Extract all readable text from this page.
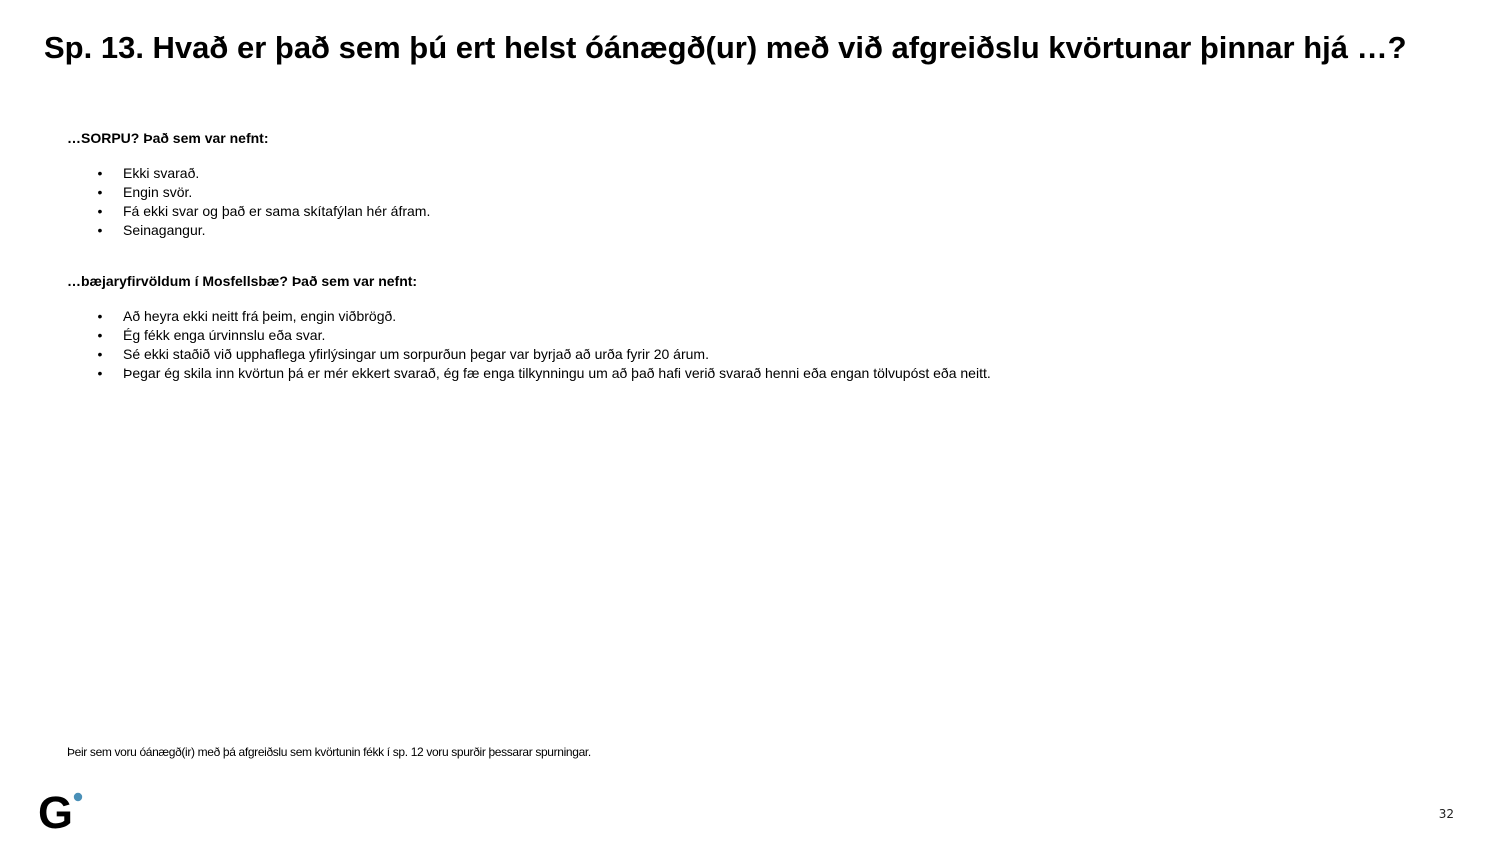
Sp. 13. Hvað er það sem þú ert helst óánægð(ur) með við afgreiðslu kvörtunar þinnar hjá …?

…SORPU? Það sem var nefnt:

• Ekki svarað.
• Engin svör.
• Fá ekki svar og það er sama skítafýlan hér áfram.
• Seinagangur.

…bæjaryfirvöldum í Mosfellsbæ? Það sem var nefnt:

• Að heyra ekki neitt frá þeim, engin viðbrögð.
• Ég fékk enga úrvinnslu eða svar.
• Sé ekki staðið við upphaflega yfirlýsingar um sorpurðun þegar var byrjað að urða fyrir 20 árum.
• Þegar ég skila inn kvörtun þá er mér ekkert svarað, ég fæ enga tilkynningu um að það hafi verið svarað henni eða engan tölvupóst eða neitt.
Þeir sem voru óánægð(ir) með þá afgreiðslu sem kvörtunin fékk í sp. 12 voru spurðir þessarar spurningar.
G	32
